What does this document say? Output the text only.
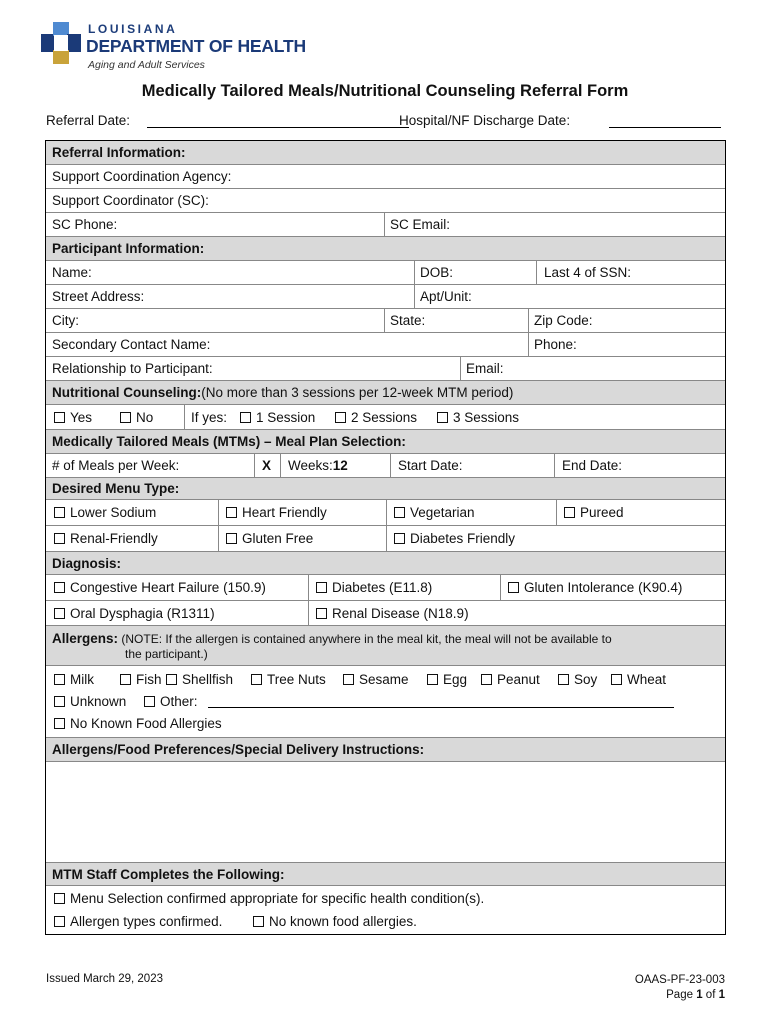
LOUISIANA
DEPARTMENT OF HEALTH
Aging and Adult Services
Medically Tailored Meals/Nutritional Counseling Referral Form
Referral Date:	Hospital/NF Discharge Date:
Referral Information:
Support Coordination Agency:
Support Coordinator (SC):
SC Phone:	SC Email:
Participant Information:
Name:	DOB:	Last 4 of SSN:
Street Address:	Apt/Unit:
City:	State:	Zip Code:
Secondary Contact Name:	Phone:
Relationship to Participant:	Email:
Nutritional Counseling: (No more than 3 sessions per 12-week MTM period)
Yes	No	If yes: 1 Session	2 Sessions	3 Sessions
Medically Tailored Meals (MTMs) – Meal Plan Selection:
# of Meals per Week:	X Weeks: 12	Start Date:	End Date:
Desired Menu Type:
Lower Sodium	Heart Friendly	Vegetarian	Pureed
Renal-Friendly	Gluten Free	Diabetes Friendly
Diagnosis:
Congestive Heart Failure (150.9)	Diabetes (E11.8)	Gluten Intolerance (K90.4)
Oral Dysphagia (R1311)	Renal Disease (N18.9)
Allergens: (NOTE: If the allergen is contained anywhere in the meal kit, the meal will not be available to
the participant.)
Milk	Fish Shellfish	Tree Nuts Sesame	Egg Peanut	Soy Wheat
Unknown Other:
No Known Food Allergies
Allergens/Food Preferences/Special Delivery Instructions:
MTM Staff Completes the Following:
Menu Selection confirmed appropriate for specific health condition(s).
Allergen types confirmed.	No known food allergies.
Issued March 29, 2023	OAAS-PF-23-003
Page 1 of 1
